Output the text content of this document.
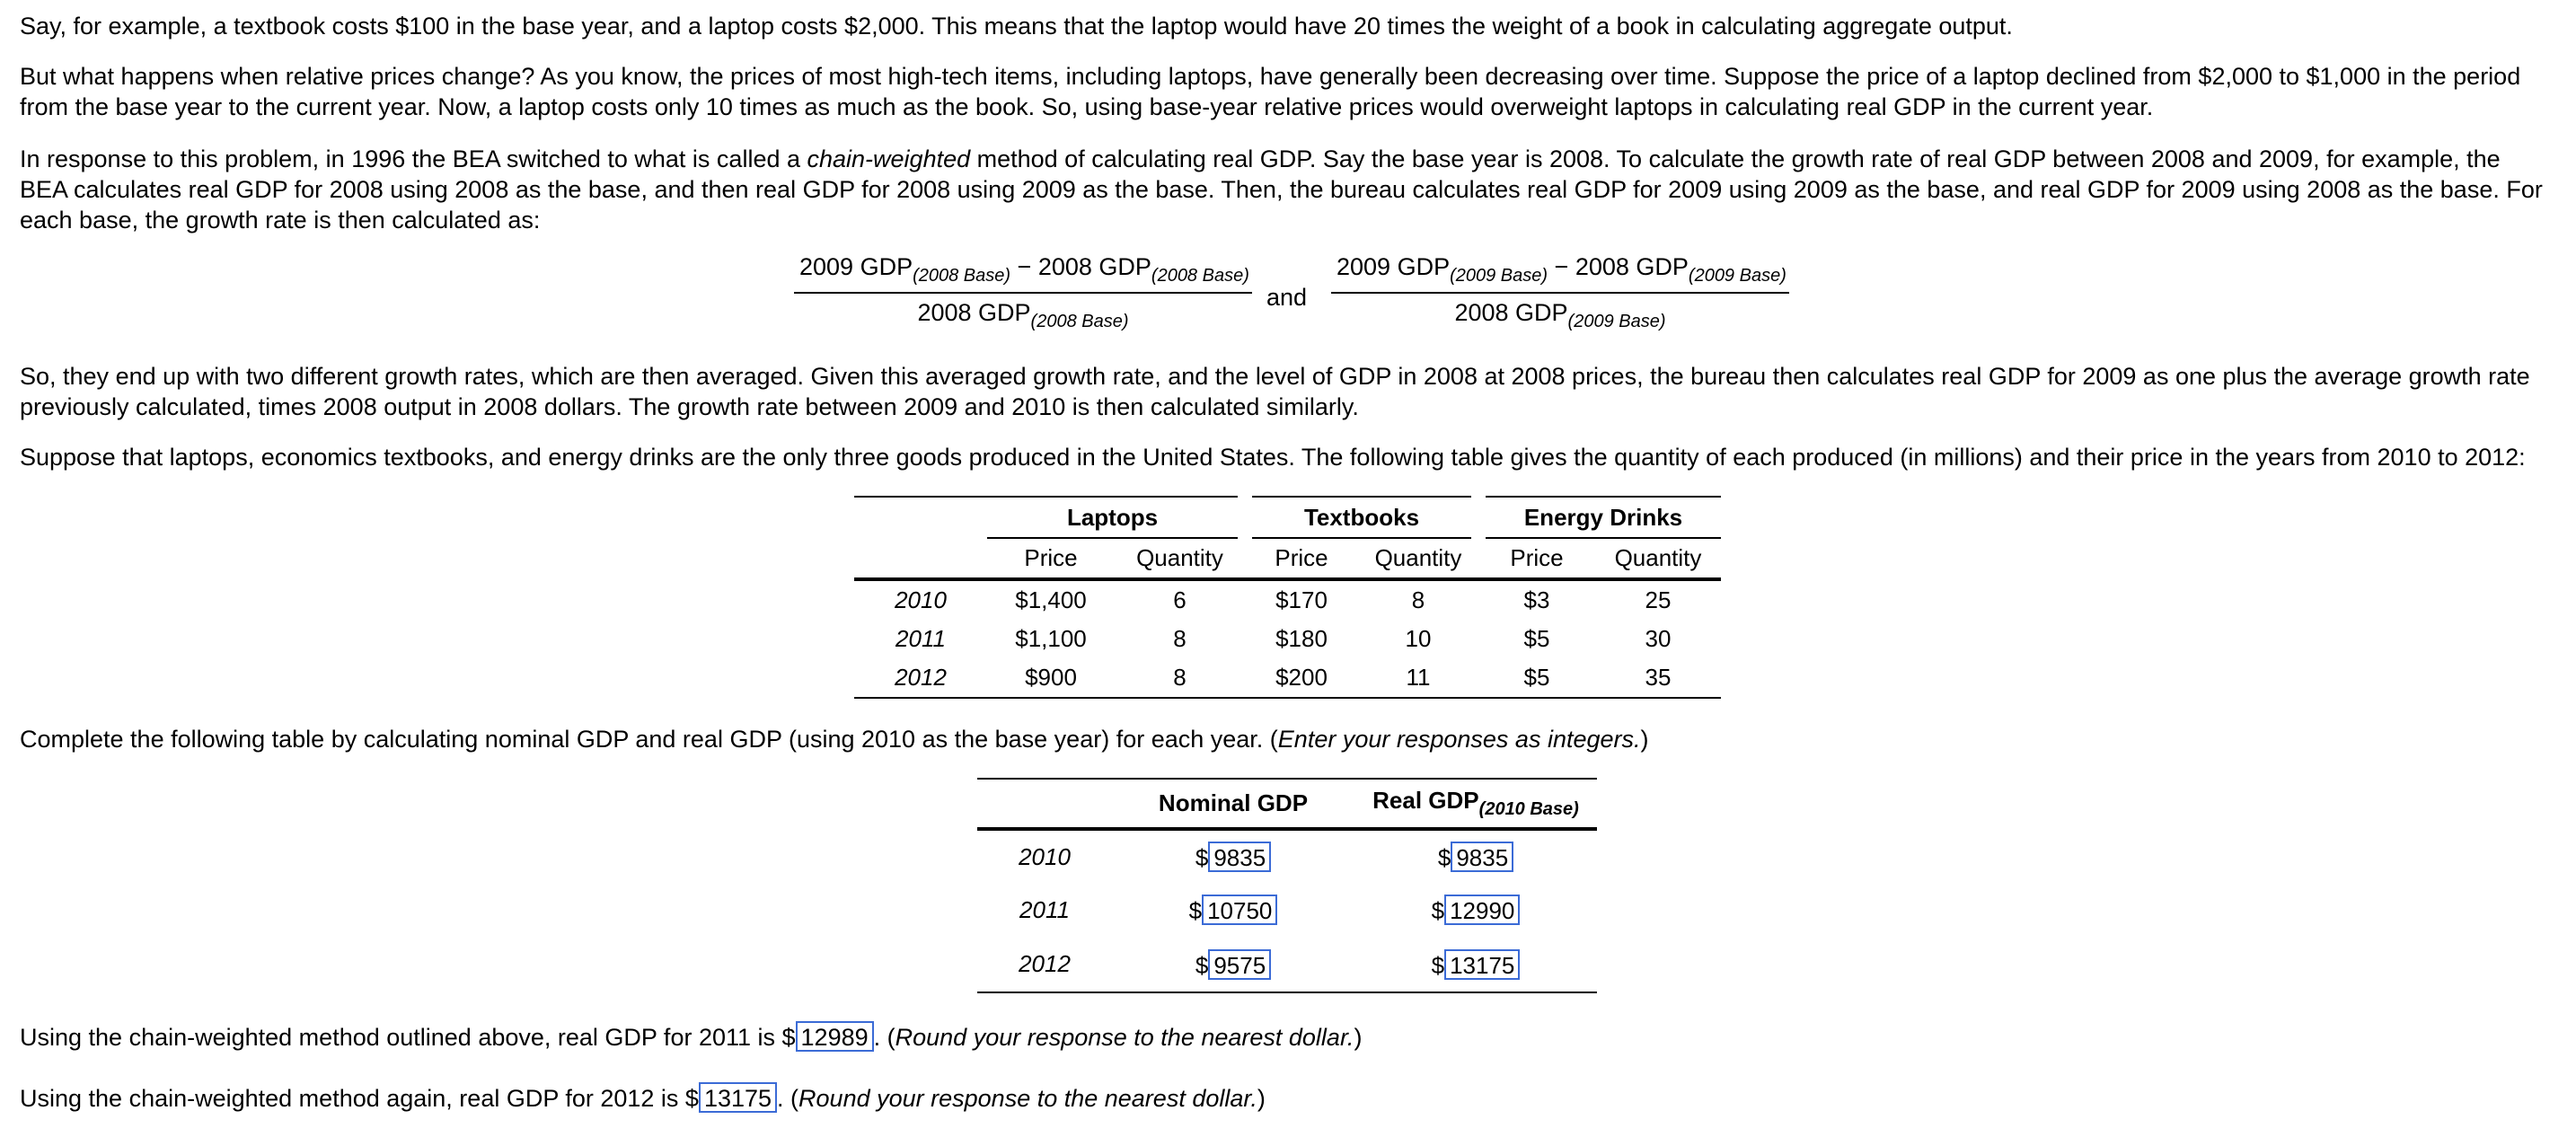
Say, for example, a textbook costs $100 in the base year, and a laptop costs $2,000. This means that the laptop would have 20 times the weight of a book in calculating aggregate output.

But what happens when relative prices change? As you know, the prices of most high-tech items, including laptops, have generally been decreasing over time. Suppose the price of a laptop declined from $2,000 to $1,000 in the period from the base year to the current year. Now, a laptop costs only 10 times as much as the book. So, using base-year relative prices would overweight laptops in calculating real GDP in the current year.

In response to this problem, in 1996 the BEA switched to what is called a chain-weighted method of calculating real GDP. Say the base year is 2008. To calculate the growth rate of real GDP between 2008 and 2009, for example, the BEA calculates real GDP for 2008 using 2008 as the base, and then real GDP for 2008 using 2009 as the base. Then, the bureau calculates real GDP for 2009 using 2009 as the base, and real GDP for 2009 using 2008 as the base. For each base, the growth rate is then calculated as:

2009 $GDP_{(2008 Base)} - 2008$ $GDP_{(2008 Base)}$
2008 $GDP_{(2008 Base)}$
and
2009 $GDP_{(2009 Base)} - 2008$ $GDP_{(2009 Base)}$
2008 $GDP_{(2009 Base)}$

So, they end up with two different growth rates, which are then averaged. Given this averaged growth rate, and the level of GDP in 2008 at 2008 prices, the bureau then calculates real GDP for 2009 as one plus the average growth rate previously calculated, times 2008 output in 2008 dollars. The growth rate between 2009 and 2010 is then calculated similarly.

Suppose that laptops, economics textbooks, and energy drinks are the only three goods produced in the United States. The following table gives the quantity of each produced (in millions) and their price in the years from 2010 to 2012:

	Laptops		Textbooks		Energy Drinks	
	Price	Quantity	Price	Quantity	Price	Quantity
2010	$1,400	6	$170	8	$3	25
2011	$1,100	8	$180	10	$5	30
2012	$900	8	$200	11	$5	35

Complete the following table by calculating nominal GDP and real GDP (using 2010 as the base year) for each year. (Enter your responses as integers.)

	Nominal GDP	Real $GDP_{(2010 Base)}$
2010	$ 9835	$ 9835
2011	$ 10750	$ 12990
2012	$ 9575	$ 13175

Using the chain-weighted method outlined above, real GDP for 2011 is $ 12989 . (Round your response to the nearest dollar.)

Using the chain-weighted method again, real GDP for 2012 is $ 13175 . (Round your response to the nearest dollar.)
